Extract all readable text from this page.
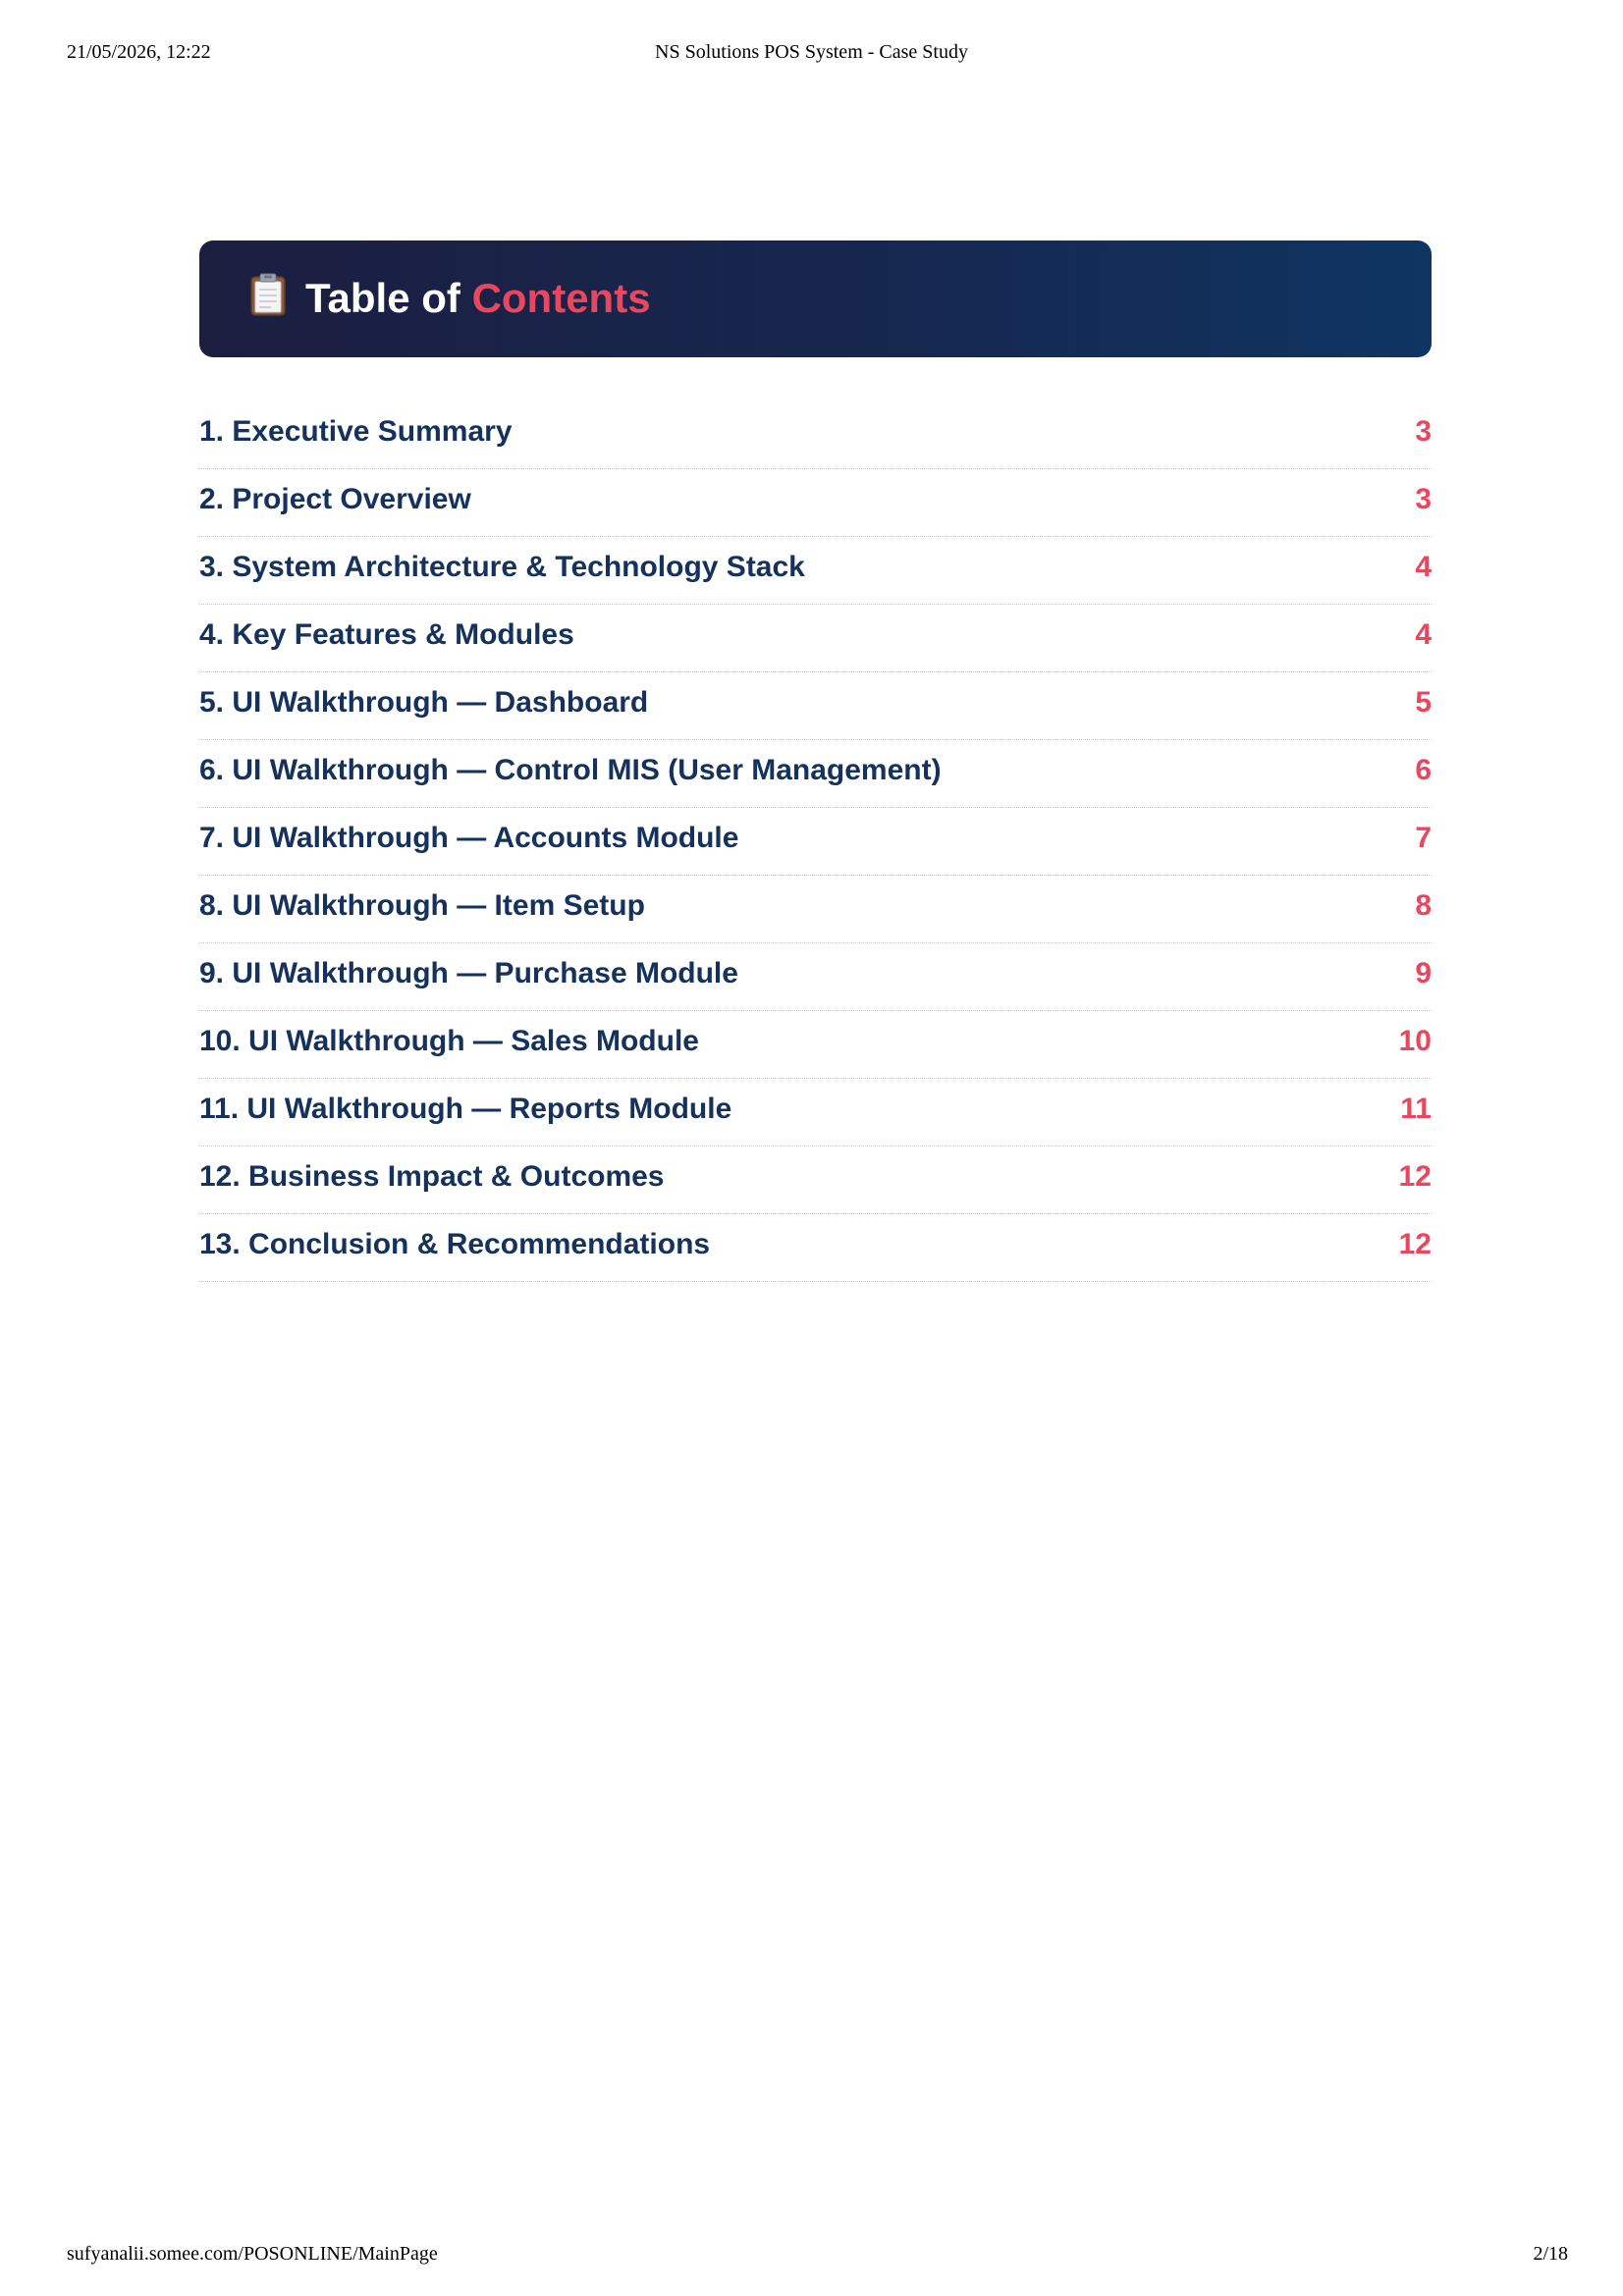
21/05/2026, 12:22	NS Solutions POS System - Case Study
Table of Contents
1. Executive Summary	3
2. Project Overview	3
3. System Architecture & Technology Stack	4
4. Key Features & Modules	4
5. UI Walkthrough — Dashboard	5
6. UI Walkthrough — Control MIS (User Management)	6
7. UI Walkthrough — Accounts Module	7
8. UI Walkthrough — Item Setup	8
9. UI Walkthrough — Purchase Module	9
10. UI Walkthrough — Sales Module	10
11. UI Walkthrough — Reports Module	11
12. Business Impact & Outcomes	12
13. Conclusion & Recommendations	12
sufyanalii.somee.com/POSONLINE/MainPage	2/18
